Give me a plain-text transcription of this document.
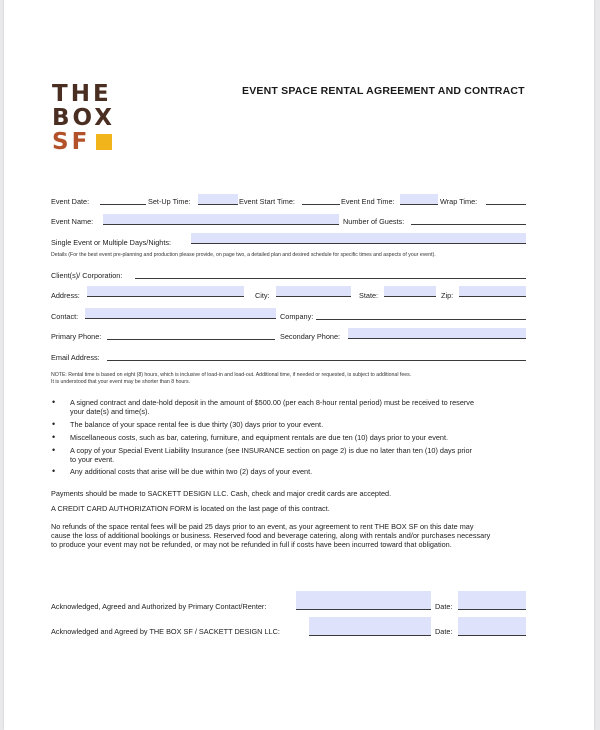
THE
BOX
SF
EVENT SPACE RENTAL AGREEMENT AND CONTRACT
Event Date:	Set-Up Time:	Event Start Time:	Event End Time:	Wrap Time:
Event Name:	Number of Guests:
Single Event or Multiple Days/Nights:
Details (For the best event pre-planning and production please provide, on page two, a detailed plan and desired schedule for specific times and aspects of your event).
Client(s)/ Corporation:
Address:	City:	State:	Zip:
Contact:	Company:
Primary Phone:	Secondary Phone:
Email Address:
NOTE: Rental time is based on eight (8) hours, which is inclusive of load-in and load-out. Additional time, if needed or requested, is subject to additional fees.
It is understood that your event may be shorter than 8 hours.
• A signed contract and date-hold deposit in the amount of $500.00 (per each 8-hour rental period) must be received to reserve
your date(s) and time(s).
• The balance of your space rental fee is due thirty (30) days prior to your event.
• Miscellaneous costs, such as bar, catering, furniture, and equipment rentals are due ten (10) days prior to your event.
• A copy of your Special Event Liability Insurance (see INSURANCE section on page 2) is due no later than ten (10) days prior
to your event.
• Any additional costs that arise will be due within two (2) days of your event.
Payments should be made to SACKETT DESIGN LLC. Cash, check and major credit cards are accepted.
A CREDIT CARD AUTHORIZATION FORM is located on the last page of this contract.
No refunds of the space rental fees will be paid 25 days prior to an event, as your agreement to rent THE BOX SF on this date may
cause the loss of additional bookings or business. Reserved food and beverage catering, along with rentals and/or purchases necessary
to produce your event may not be refunded, or may not be refunded in full if costs have been incurred toward that obligation.
Acknowledged, Agreed and Authorized by Primary Contact/Renter:	Date:
Acknowledged and Agreed by THE BOX SF / SACKETT DESIGN LLC:	Date:
